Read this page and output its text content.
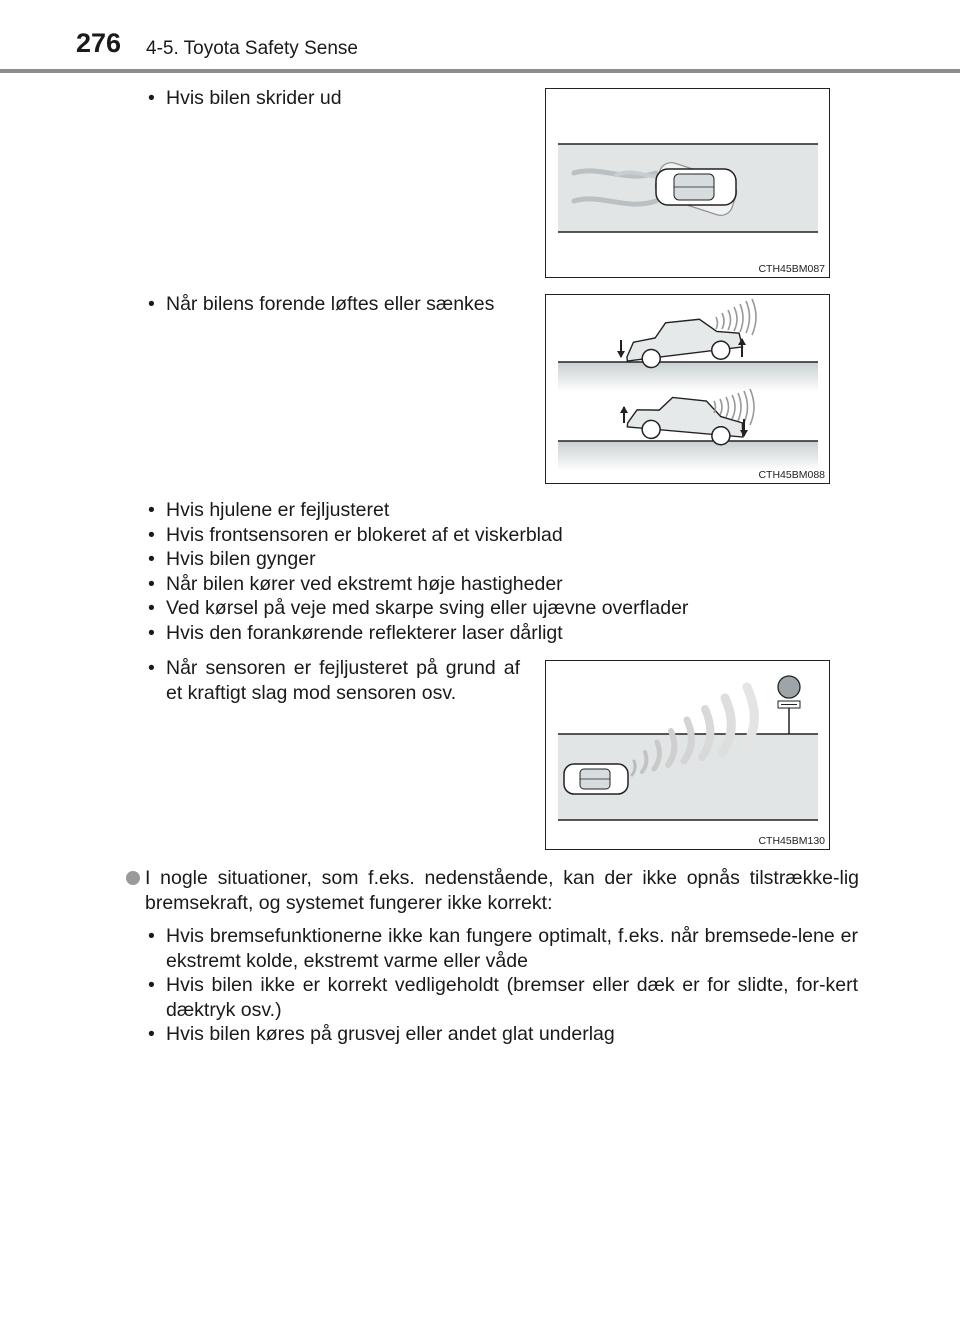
276 4-5. Toyota Safety Sense
• Hvis bilen skrider ud
CTH45BM087
• Når bilens forende løftes eller sænkes
CTH45BM088
• Hvis hjulene er fejljusteret
• Hvis frontsensoren er blokeret af et viskerblad
• Hvis bilen gynger
• Når bilen kører ved ekstremt høje hastigheder
• Ved kørsel på veje med skarpe sving eller ujævne overflader
• Hvis den forankørende reflekterer laser dårligt
• Når sensoren er fejljusteret på grund af et kraftigt slag mod sensoren osv.
CTH45BM130
I nogle situationer, som f.eks. nedenstående, kan der ikke opnås tilstrække-lig bremsekraft, og systemet fungerer ikke korrekt:
• Hvis bremsefunktionerne ikke kan fungere optimalt, f.eks. når bremsede-lene er ekstremt kolde, ekstremt varme eller våde
• Hvis bilen ikke er korrekt vedligeholdt (bremser eller dæk er for slidte, for-kert dæktryk osv.)
• Hvis bilen køres på grusvej eller andet glat underlag
